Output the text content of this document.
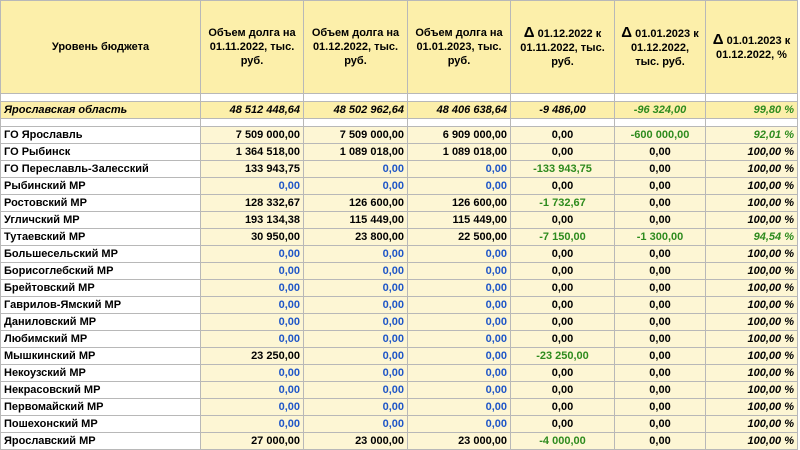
Уровень бюджета	Объем долга на 01.11.2022, тыс. руб.	Объем долга на 01.12.2022, тыс. руб.	Объем долга на 01.01.2023, тыс. руб.	Δ 01.12.2022 к 01.11.2022, тыс. руб.	Δ 01.01.2023 к 01.12.2022, тыс. руб.	Δ 01.01.2023 к 01.12.2022, %

Ярославская область	48 512 448,64	48 502 962,64	48 406 638,64	-9 486,00	-96 324,00	99,80 %

ГО Ярославль	7 509 000,00	7 509 000,00	6 909 000,00	0,00	-600 000,00	92,01 %
ГО Рыбинск	1 364 518,00	1 089 018,00	1 089 018,00	0,00	0,00	100,00 %
ГО Переславль-Залесский	133 943,75	0,00	0,00	-133 943,75	0,00	100,00 %
Рыбинский МР	0,00	0,00	0,00	0,00	0,00	100,00 %
Ростовский МР	128 332,67	126 600,00	126 600,00	-1 732,67	0,00	100,00 %
Угличский МР	193 134,38	115 449,00	115 449,00	0,00	0,00	100,00 %
Тутаевский МР	30 950,00	23 800,00	22 500,00	-7 150,00	-1 300,00	94,54 %
Большесельский МР	0,00	0,00	0,00	0,00	0,00	100,00 %
Борисоглебский МР	0,00	0,00	0,00	0,00	0,00	100,00 %
Брейтовский МР	0,00	0,00	0,00	0,00	0,00	100,00 %
Гаврилов-Ямский МР	0,00	0,00	0,00	0,00	0,00	100,00 %
Даниловский МР	0,00	0,00	0,00	0,00	0,00	100,00 %
Любимский МР	0,00	0,00	0,00	0,00	0,00	100,00 %
Мышкинский МР	23 250,00	0,00	0,00	-23 250,00	0,00	100,00 %
Некоузский МР	0,00	0,00	0,00	0,00	0,00	100,00 %
Некрасовский МР	0,00	0,00	0,00	0,00	0,00	100,00 %
Первомайский МР	0,00	0,00	0,00	0,00	0,00	100,00 %
Пошехонский МР	0,00	0,00	0,00	0,00	0,00	100,00 %
Ярославский МР	27 000,00	23 000,00	23 000,00	-4 000,00	0,00	100,00 %
